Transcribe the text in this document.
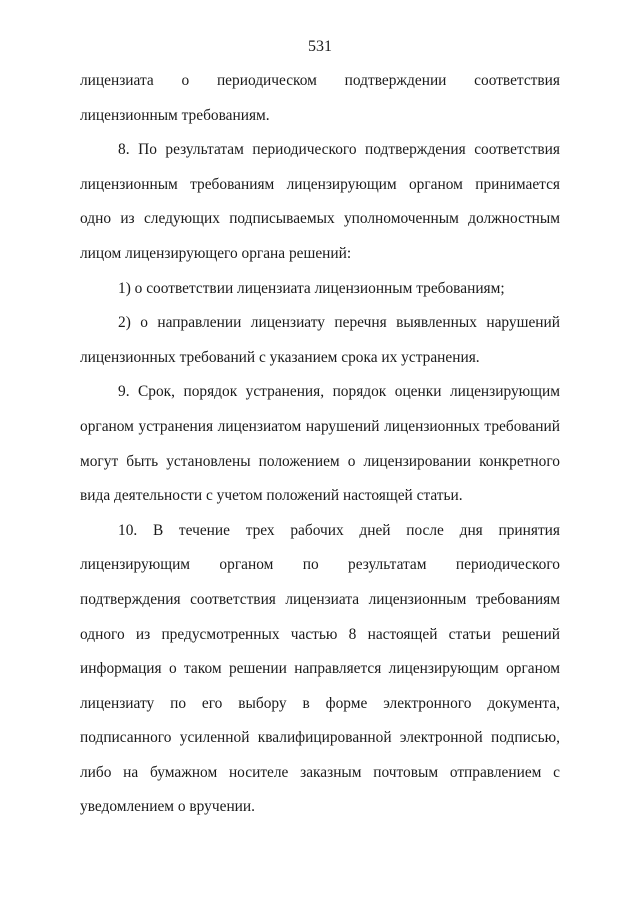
531

лицензиата о периодическом подтверждении соответствия лицензионным требованиям.

8. По результатам периодического подтверждения соответствия лицензионным требованиям лицензирующим органом принимается одно из следующих подписываемых уполномоченным должностным лицом лицензирующего органа решений:

1) о соответствии лицензиата лицензионным требованиям;

2) о направлении лицензиату перечня выявленных нарушений лицензионных требований с указанием срока их устранения.

9. Срок, порядок устранения, порядок оценки лицензирующим органом устранения лицензиатом нарушений лицензионных требований могут быть установлены положением о лицензировании конкретного вида деятельности с учетом положений настоящей статьи.

10. В течение трех рабочих дней после дня принятия лицензирующим органом по результатам периодического подтверждения соответствия лицензиата лицензионным требованиям одного из предусмотренных частью 8 настоящей статьи решений информация о таком решении направляется лицензирующим органом лицензиату по его выбору в форме электронного документа, подписанного усиленной квалифицированной электронной подписью, либо на бумажном носителе заказным почтовым отправлением с уведомлением о вручении.
